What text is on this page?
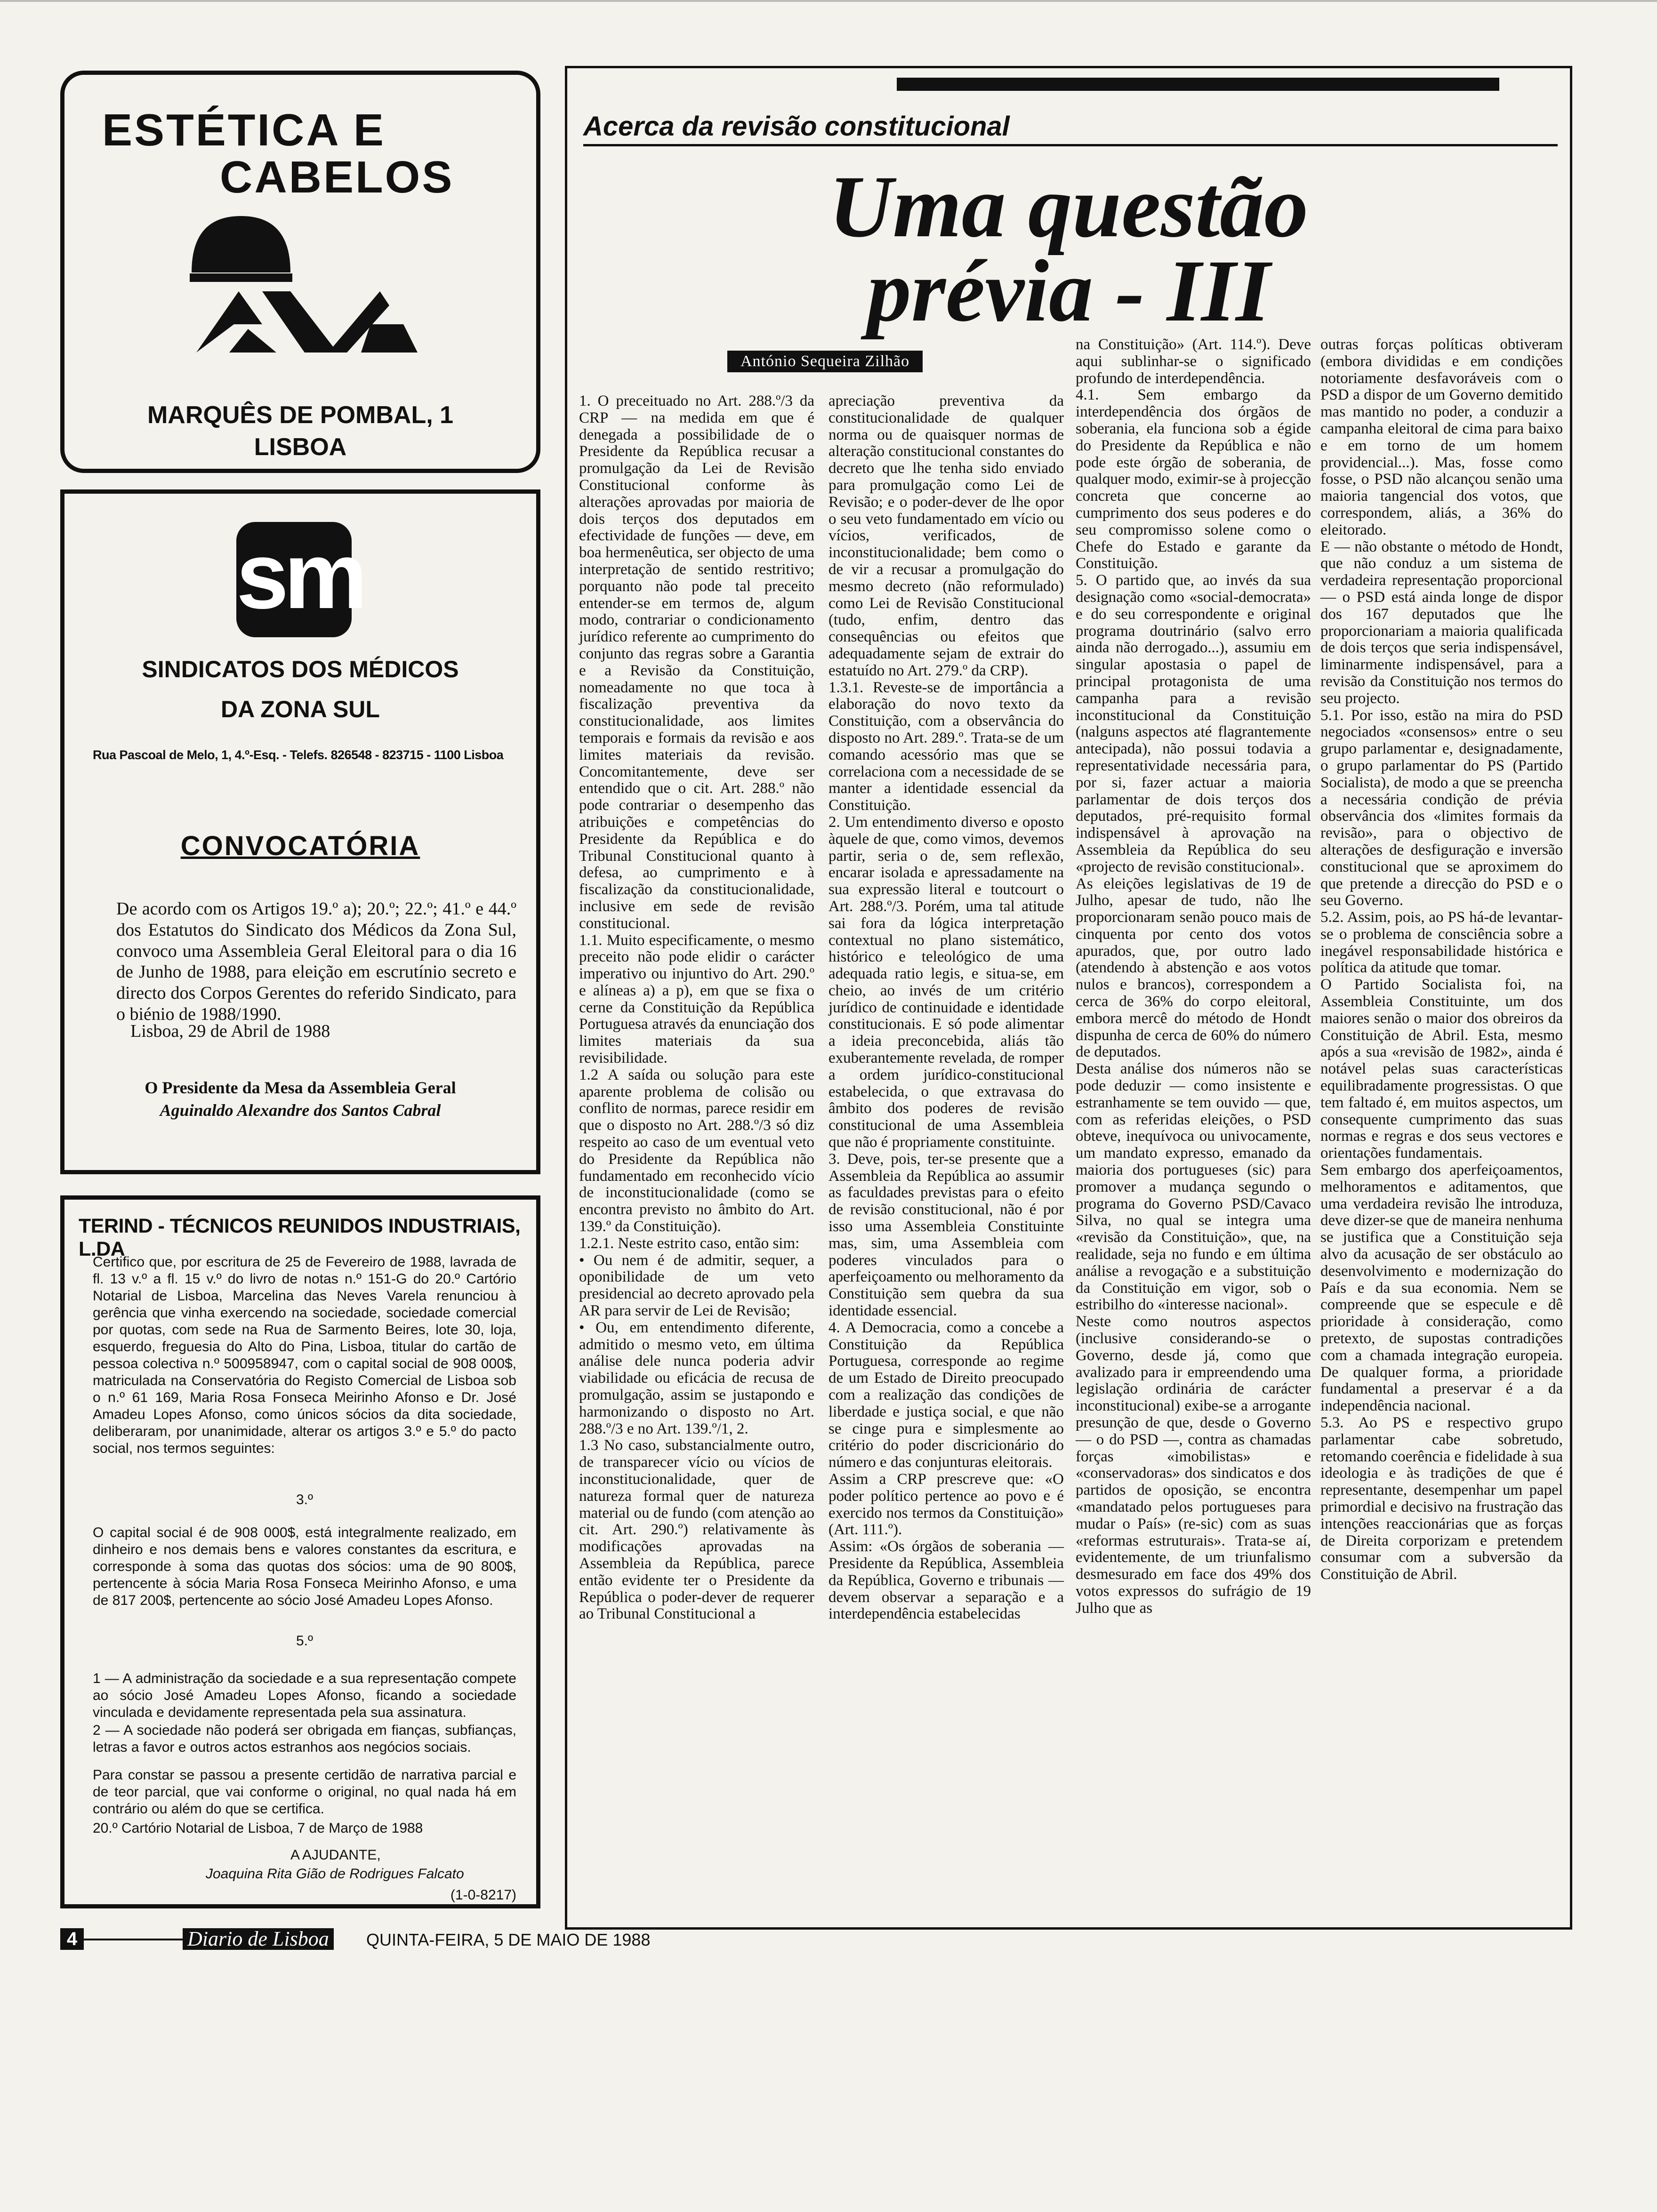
ESTÉTICA E
CABELOS
MARQUÊS DE POMBAL, 1
LISBOA
sm
SINDICATOS DOS MÉDICOS
DA ZONA SUL
Rua Pascoal de Melo, 1, 4.º-Esq. - Telefs. 826548 - 823715 - 1100 Lisboa
CONVOCATÓRIA
De acordo com os Artigos 19.º a); 20.º; 22.º; 41.º e 44.º dos Estatutos do Sindicato dos Médicos da Zona Sul, convoco uma Assembleia Geral Eleitoral para o dia 16 de Junho de 1988, para eleição em escrutínio secreto e directo dos Corpos Gerentes do referido Sindicato, para o biénio de 1988/1990.
Lisboa, 29 de Abril de 1988
O Presidente da Mesa da Assembleia Geral
Aguinaldo Alexandre dos Santos Cabral
TERIND - TÉCNICOS REUNIDOS INDUSTRIAIS, L.DA
Certifico que, por escritura de 25 de Fevereiro de 1988, lavrada de fl. 13 v.º a fl. 15 v.º do livro de notas n.º 151-G do 20.º Cartório Notarial de Lisboa, Marcelina das Neves Varela renunciou à gerência que vinha exercendo na sociedade, sociedade comercial por quotas, com sede na Rua de Sarmento Beires, lote 30, loja, esquerdo, freguesia do Alto do Pina, Lisboa, titular do cartão de pessoa colectiva n.º 500958947, com o capital social de 908 000$, matriculada na Conservatória do Registo Comercial de Lisboa sob o n.º 61 169, Maria Rosa Fonseca Meirinho Afonso e Dr. José Amadeu Lopes Afonso, como únicos sócios da dita sociedade, deliberaram, por unanimidade, alterar os artigos 3.º e 5.º do pacto social, nos termos seguintes:
3.º
O capital social é de 908 000$, está integralmente realizado, em dinheiro e nos demais bens e valores constantes da escritura, e corresponde à soma das quotas dos sócios: uma de 90 800$, pertencente à sócia Maria Rosa Fonseca Meirinho Afonso, e uma de 817 200$, pertencente ao sócio José Amadeu Lopes Afonso.
5.º
1 — A administração da sociedade e a sua representação compete ao sócio José Amadeu Lopes Afonso, ficando a sociedade vinculada e devidamente representada pela sua assinatura.
2 — A sociedade não poderá ser obrigada em fianças, subfianças, letras a favor e outros actos estranhos aos negócios sociais.
Para constar se passou a presente certidão de narrativa parcial e de teor parcial, que vai conforme o original, no qual nada há em contrário ou além do que se certifica.
20.º Cartório Notarial de Lisboa, 7 de Março de 1988
A AJUDANTE,
Joaquina Rita Gião de Rodrigues Falcato
(1-0-8217)
4	Diario de Lisboa QUINTA-FEIRA, 5 DE MAIO DE 1988
Acerca da revisão constitucional
Uma questão
prévia - III
António Sequeira Zilhão

1. O preceituado no Art. 288.º/3 da CRP — na medida em que é denegada a possibilidade de o Presidente da República recusar a promulgação da Lei de Revisão Constitucional conforme às alterações aprovadas por maioria de dois terços dos deputados em efectividade de funções — deve, em boa hermenêutica, ser objecto de uma interpretação de sentido restritivo; porquanto não pode tal preceito entender-se em termos de, algum modo, contrariar o condicionamento jurídico referente ao cumprimento do conjunto das regras sobre a Garantia e a Revisão da Constituição, nomeadamente no que toca à fiscalização preventiva da constitucionalidade, aos limites temporais e formais da revisão e aos limites materiais da revisão. Concomitantemente, deve ser entendido que o cit. Art. 288.º não pode contrariar o desempenho das atribuições e competências do Presidente da República e do Tribunal Constitucional quanto à defesa, ao cumprimento e à fiscalização da constitucionalidade, inclusive em sede de revisão constitucional.

1.1. Muito especificamente, o mesmo preceito não pode elidir o carácter imperativo ou injuntivo do Art. 290.º e alíneas a) a p), em que se fixa o cerne da Constituição da República Portuguesa através da enunciação dos limites materiais da sua revisibilidade.

1.2 A saída ou solução para este aparente problema de colisão ou conflito de normas, parece residir em que o disposto no Art. 288.º/3 só diz respeito ao caso de um eventual veto do Presidente da República não fundamentado em reconhecido vício de inconstitucionalidade (como se encontra previsto no âmbito do Art. 139.º da Constituição).

1.2.1. Neste estrito caso, então sim:

• Ou nem é de admitir, sequer, a oponibilidade de um veto presidencial ao decreto aprovado pela AR para servir de Lei de Revisão;

• Ou, em entendimento diferente, admitido o mesmo veto, em última análise dele nunca poderia advir viabilidade ou eficácia de recusa de promulgação, assim se justapondo e harmonizando o disposto no Art. 288.º/3 e no Art. 139.º/1, 2.

1.3 No caso, substancialmente outro, de transparecer vício ou vícios de inconstitucionalidade, quer de natureza formal quer de natureza material ou de fundo (com atenção ao cit. Art. 290.º) relativamente às modificações aprovadas na Assembleia da República, parece então evidente ter o Presidente da República o poder-dever de requerer ao Tribunal Constitucional a

apreciação preventiva da constitucionalidade de qualquer norma ou de quaisquer normas de alteração constitucional constantes do decreto que lhe tenha sido enviado para promulgação como Lei de Revisão; e o poder-dever de lhe opor o seu veto fundamentado em vício ou vícios, verificados, de inconstitucionalidade; bem como o de vir a recusar a promulgação do mesmo decreto (não reformulado) como Lei de Revisão Constitucional (tudo, enfim, dentro das consequências ou efeitos que adequadamente sejam de extrair do estatuído no Art. 279.º da CRP).

1.3.1. Reveste-se de importância a elaboração do novo texto da Constituição, com a observância do disposto no Art. 289.º. Trata-se de um comando acessório mas que se correlaciona com a necessidade de se manter a identidade essencial da Constituição.

2. Um entendimento diverso e oposto àquele de que, como vimos, devemos partir, seria o de, sem reflexão, encarar isolada e apressadamente na sua expressão literal e toutcourt o Art. 288.º/3. Porém, uma tal atitude sai fora da lógica interpretação contextual no plano sistemático, histórico e teleológico de uma adequada ratio legis, e situa-se, em cheio, ao invés de um critério jurídico de continuidade e identidade constitucionais. E só pode alimentar a ideia preconcebida, aliás tão exuberantemente revelada, de romper a ordem jurídico-constitucional estabelecida, o que extravasa do âmbito dos poderes de revisão constitucional de uma Assembleia que não é propriamente constituinte.

3. Deve, pois, ter-se presente que a Assembleia da República ao assumir as faculdades previstas para o efeito de revisão constitucional, não é por isso uma Assembleia Constituinte mas, sim, uma Assembleia com poderes vinculados para o aperfeiçoamento ou melhoramento da Constituição sem quebra da sua identidade essencial.

4. A Democracia, como a concebe a Constituição da República Portuguesa, corresponde ao regime de um Estado de Direito preocupado com a realização das condições de liberdade e justiça social, e que não se cinge pura e simplesmente ao critério do poder discricionário do número e das conjunturas eleitorais.

Assim a CRP prescreve que: «O poder político pertence ao povo e é exercido nos termos da Constituição» (Art. 111.º).

Assim: «Os órgãos de soberania — Presidente da República, Assembleia da República, Governo e tribunais — devem observar a separação e a interdependência estabelecidas

na Constituição» (Art. 114.º). Deve aqui sublinhar-se o significado profundo de interdependência.

4.1. Sem embargo da interdependência dos órgãos de soberania, ela funciona sob a égide do Presidente da República e não pode este órgão de soberania, de qualquer modo, eximir-se à projecção concreta que concerne ao cumprimento dos seus poderes e do seu compromisso solene como o Chefe do Estado e garante da Constituição.

5. O partido que, ao invés da sua designação como «social-democrata» e do seu correspondente e original programa doutrinário (salvo erro ainda não derrogado...), assumiu em singular apostasia o papel de principal protagonista de uma campanha para a revisão inconstitucional da Constituição (nalguns aspectos até flagrantemente antecipada), não possui todavia a representatividade necessária para, por si, fazer actuar a maioria parlamentar de dois terços dos deputados, pré-requisito formal indispensável à aprovação na Assembleia da República do seu «projecto de revisão constitucional».

As eleições legislativas de 19 de Julho, apesar de tudo, não lhe proporcionaram senão pouco mais de cinquenta por cento dos votos apurados, que, por outro lado (atendendo à abstenção e aos votos nulos e brancos), correspondem a cerca de 36% do corpo eleitoral, embora mercê do método de Hondt dispunha de cerca de 60% do número de deputados.

Desta análise dos números não se pode deduzir — como insistente e estranhamente se tem ouvido — que, com as referidas eleições, o PSD obteve, inequívoca ou univocamente, um mandato expresso, emanado da maioria dos portugueses (sic) para promover a mudança segundo o programa do Governo PSD/Cavaco Silva, no qual se integra uma «revisão da Constituição», que, na realidade, seja no fundo e em última análise a revogação e a substituição da Constituição em vigor, sob o estribilho do «interesse nacional».

Neste como noutros aspectos (inclusive considerando-se o Governo, desde já, como que avalizado para ir empreendendo uma legislação ordinária de carácter inconstitucional) exibe-se a arrogante presunção de que, desde o Governo — o do PSD —, contra as chamadas forças «imobilistas» e «conservadoras» dos sindicatos e dos partidos de oposição, se encontra «mandatado pelos portugueses para mudar o País» (re-sic) com as suas «reformas estruturais». Trata-se aí, evidentemente, de um triunfalismo desmesurado em face dos 49% dos votos expressos do sufrágio de 19 Julho que as

outras forças políticas obtiveram (embora divididas e em condições notoriamente desfavoráveis com o PSD a dispor de um Governo demitido mas mantido no poder, a conduzir a campanha eleitoral de cima para baixo e em torno de um homem providencial...). Mas, fosse como fosse, o PSD não alcançou senão uma maioria tangencial dos votos, que correspondem, aliás, a 36% do eleitorado.

E — não obstante o método de Hondt, que não conduz a um sistema de verdadeira representação proporcional — o PSD está ainda longe de dispor dos 167 deputados que lhe proporcionariam a maioria qualificada de dois terços que seria indispensável, liminarmente indispensável, para a revisão da Constituição nos termos do seu projecto.

5.1. Por isso, estão na mira do PSD negociados «consensos» entre o seu grupo parlamentar e, designadamente, o grupo parlamentar do PS (Partido Socialista), de modo a que se preencha a necessária condição de prévia observância dos «limites formais da revisão», para o objectivo de alterações de desfiguração e inversão constitucional que se aproximem do que pretende a direcção do PSD e o seu Governo.

5.2. Assim, pois, ao PS há-de levantar-se o problema de consciência sobre a inegável responsabilidade histórica e política da atitude que tomar.

O Partido Socialista foi, na Assembleia Constituinte, um dos maiores senão o maior dos obreiros da Constituição de Abril. Esta, mesmo após a sua «revisão de 1982», ainda é notável pelas suas características equilibradamente progressistas. O que tem faltado é, em muitos aspectos, um consequente cumprimento das suas normas e regras e dos seus vectores e orientações fundamentais.

Sem embargo dos aperfeiçoamentos, melhoramentos e aditamentos, que uma verdadeira revisão lhe introduza, deve dizer-se que de maneira nenhuma se justifica que a Constituição seja alvo da acusação de ser obstáculo ao desenvolvimento e modernização do País e da sua economia. Nem se compreende que se especule e dê prioridade à consideração, como pretexto, de supostas contradições com a chamada integração europeia. De qualquer forma, a prioridade fundamental a preservar é a da independência nacional.

5.3. Ao PS e respectivo grupo parlamentar cabe sobretudo, retomando coerência e fidelidade à sua ideologia e às tradições de que é representante, desempenhar um papel primordial e decisivo na frustração das intenções reaccionárias que as forças de Direita corporizam e pretendem consumar com a subversão da Constituição de Abril.
